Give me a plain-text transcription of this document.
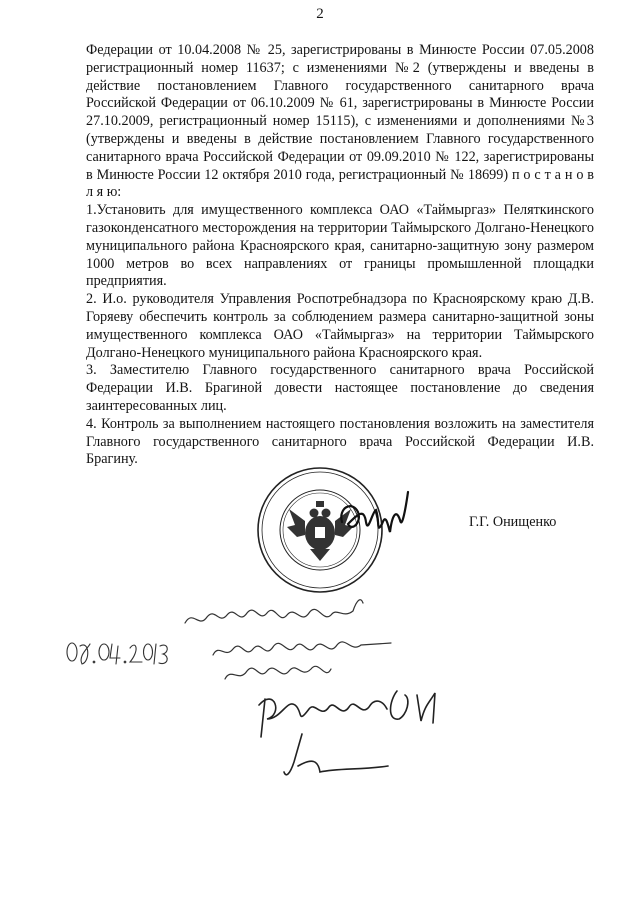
2

Федерации от 10.04.2008 № 25, зарегистрированы в Минюсте России 07.05.2008 регистрационный номер 11637; с изменениями №2 (утверждены и введены в действие постановлением Главного государственного санитарного врача Российской Федерации от 06.10.2009 № 61, зарегистрированы в Минюсте России 27.10.2009, регистрационный номер 15115), с изменениями и дополнениями №3 (утверждены и введены в действие постановлением Главного государственного санитарного врача Российской Федерации от 09.09.2010 № 122, зарегистрированы в Минюсте России 12 октября 2010 года, регистрационный № 18699) п о с т а н о в л я ю:

1.Установить для имущественного комплекса ОАО «Таймыргаз» Пеляткинского газоконденсатного месторождения на территории Таймырского Долгано-Ненецкого муниципального района Красноярского края, санитарно-защитную зону размером 1000 метров во всех направлениях от границы промышленной площадки предприятия.

2. И.о. руководителя Управления Роспотребнадзора по Красноярскому краю Д.В. Горяеву обеспечить контроль за соблюдением размера санитарно-защитной зоны имущественного комплекса ОАО «Таймыргаз» на территории Таймырского Долгано-Ненецкого муниципального района Красноярского края.

3. Заместителю Главного государственного санитарного врача Российской Федерации И.В. Брагиной довести настоящее постановление до сведения заинтересованных лиц.

4. Контроль за выполнением настоящего постановления возложить на заместителя Главного государственного санитарного врача Российской Федерации И.В. Брагину.

Г.Г. Онищенко
